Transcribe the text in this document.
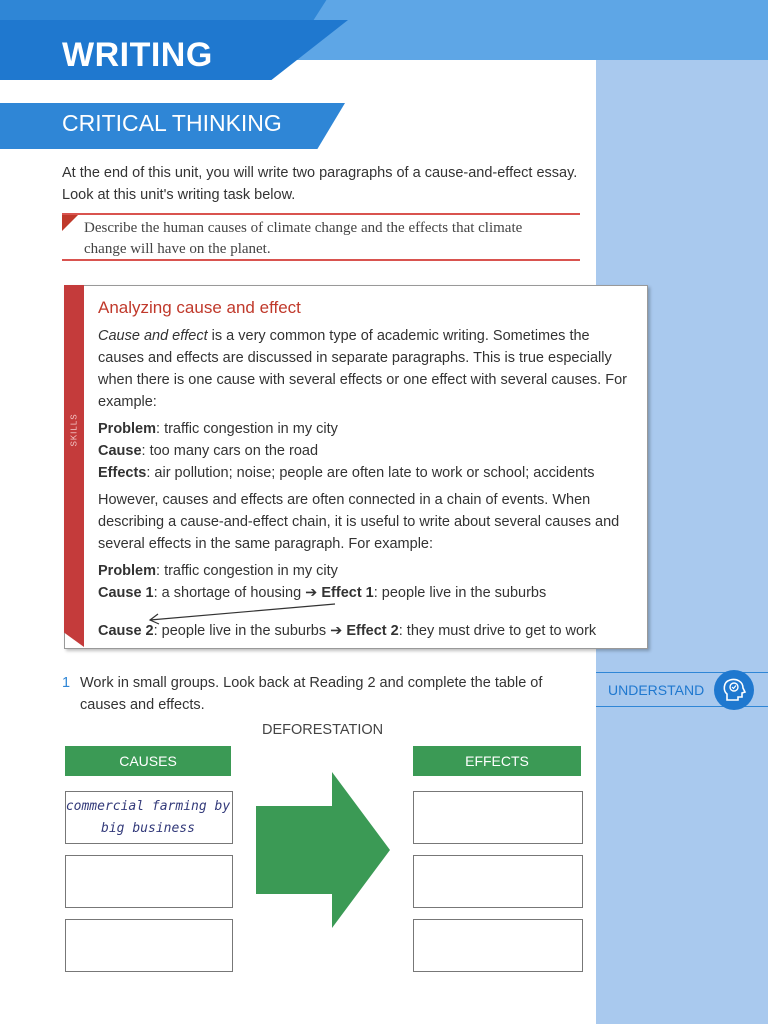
WRITING
CRITICAL THINKING
At the end of this unit, you will write two paragraphs of a cause-and-effect essay. Look at this unit's writing task below.
Describe the human causes of climate change and the effects that climate change will have on the planet.
SKILLS
Analyzing cause and effect
Cause and effect is a very common type of academic writing. Sometimes the causes and effects are discussed in separate paragraphs. This is true especially when there is one cause with several effects or one effect with several causes. For example:
Problem: traffic congestion in my city
Cause: too many cars on the road
Effects: air pollution; noise; people are often late to work or school; accidents
However, causes and effects are often connected in a chain of events. When describing a cause-and-effect chain, it is useful to write about several causes and several effects in the same paragraph. For example:
Problem: traffic congestion in my city
Cause 1: a shortage of housing ➔ Effect 1: people live in the suburbs
Cause 2: people live in the suburbs ➔ Effect 2: they must drive to get to work
1 Work in small groups. Look back at Reading 2 and complete the table of causes and effects.
UNDERSTAND
DEFORESTATION
CAUSES	EFFECTS
commercial farming by big business
